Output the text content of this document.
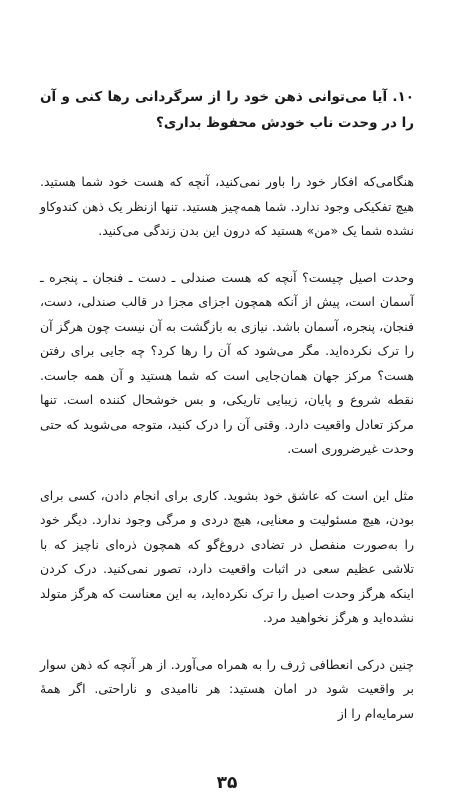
۱۰. آیا می‌توانی ذهن خود را از سرگردانی رها کنی و آن را در وحدت ناب خودش محفوظ بداری؟

هنگامی‌که افکار خود را باور نمی‌کنید، آنچه که هست خود شما هستید. هیچ تفکیکی وجود ندارد. شما همه‌چیز هستید. تنها ازنظر یک ذهن کندوکاو نشده شما یک «من» هستید که درون این بدن زندگی می‌کنید.

وحدت اصیل چیست؟ آنچه که هست صندلی ـ دست ـ فنجان ـ پنجره ـ آسمان است، پیش از آنکه همچون اجزای مجزا در قالب صندلی، دست، فنجان، پنجره، آسمان باشد. نیازی به بازگشت به آن نیست چون هرگز آن را ترک نکرده‌اید. مگر می‌شود که آن را رها کرد؟ چه جایی برای رفتن هست؟ مرکز جهان همان‌جایی است که شما هستید و آن همه جاست. نقطه شروع و پایان، زیبایی تاریکی، و بس خوشحال کننده است. تنها مرکز تعادل واقعیت دارد. وقتی آن را درک کنید، متوجه می‌شوید که حتی وحدت غیرضروری است.

مثل این است که عاشق خود بشوید. کاری برای انجام دادن، کسی برای بودن، هیچ مسئولیت و معنایی، هیچ دردی و مرگی وجود ندارد. دیگر خود را به‌صورت منفصل در تضادی دروغ‌گو که همچون ذره‌ای ناچیز که با تلاشی عظیم سعی در اثبات واقعیت دارد، تصور نمی‌کنید. درک کردن اینکه هرگز وحدت اصیل را ترک نکرده‌اید، به این معناست که هرگز متولد نشده‌اید و هرگز نخواهید مرد.

چنین درکی انعطافی ژرف را به همراه می‌آورد. از هر آنچه که ذهن سوار بر واقعیت شود در امان هستید: هر ناامیدی و ناراحتی. اگر همهٔ سرمایه‌ام را از

۳۵
